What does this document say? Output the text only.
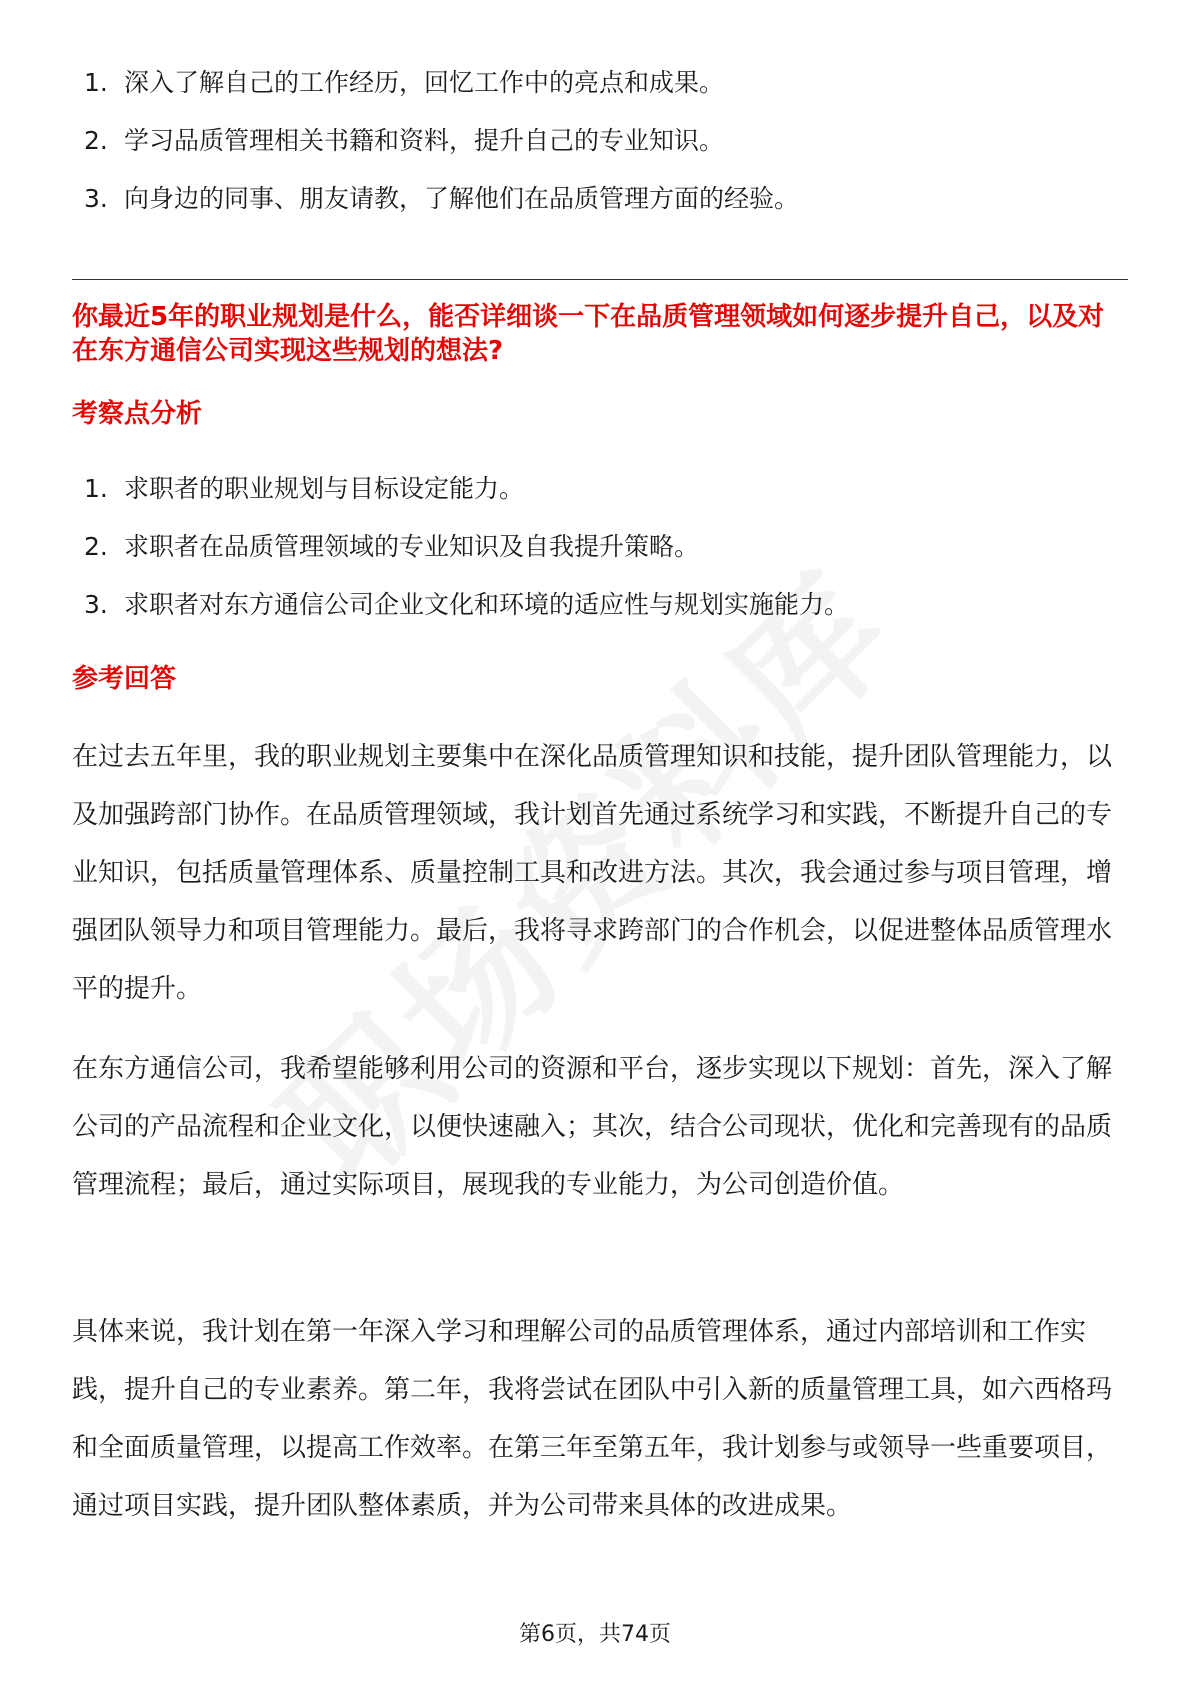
1. 深入了解自己的工作经历，回忆工作中的亮点和成果。
2. 学习品质管理相关书籍和资料，提升自己的专业知识。
3. 向身边的同事、朋友请教，了解他们在品质管理方面的经验。

你最近5年的职业规划是什么，能否详细谈一下在品质管理领域如何逐步提升自己，以及对在东方通信公司实现这些规划的想法?

考察点分析
1. 求职者的职业规划与目标设定能力。
2. 求职者在品质管理领域的专业知识及自我提升策略。
3. 求职者对东方通信公司企业文化和环境的适应性与规划实施能力。
参考回答

在过去五年里，我的职业规划主要集中在深化品质管理知识和技能，提升团队管理能力，以及加强跨部门协作。在品质管理领域，我计划首先通过系统学习和实践，不断提升自己的专业知识，包括质量管理体系、质量控制工具和改进方法。其次，我会通过参与项目管理，增强团队领导力和项目管理能力。最后，我将寻求跨部门的合作机会，以促进整体品质管理水平的提升。

在东方通信公司，我希望能够利用公司的资源和平台，逐步实现以下规划：首先，深入了解公司的产品流程和企业文化，以便快速融入；其次，结合公司现状，优化和完善现有的品质管理流程；最后，通过实际项目，展现我的专业能力，为公司创造价值。

具体来说，我计划在第一年深入学习和理解公司的品质管理体系，通过内部培训和工作实践，提升自己的专业素养。第二年，我将尝试在团队中引入新的质量管理工具，如六西格玛和全面质量管理，以提高工作效率。在第三年至第五年，我计划参与或领导一些重要项目，通过项目实践，提升团队整体素质，并为公司带来具体的改进成果。

第6页，共74页
